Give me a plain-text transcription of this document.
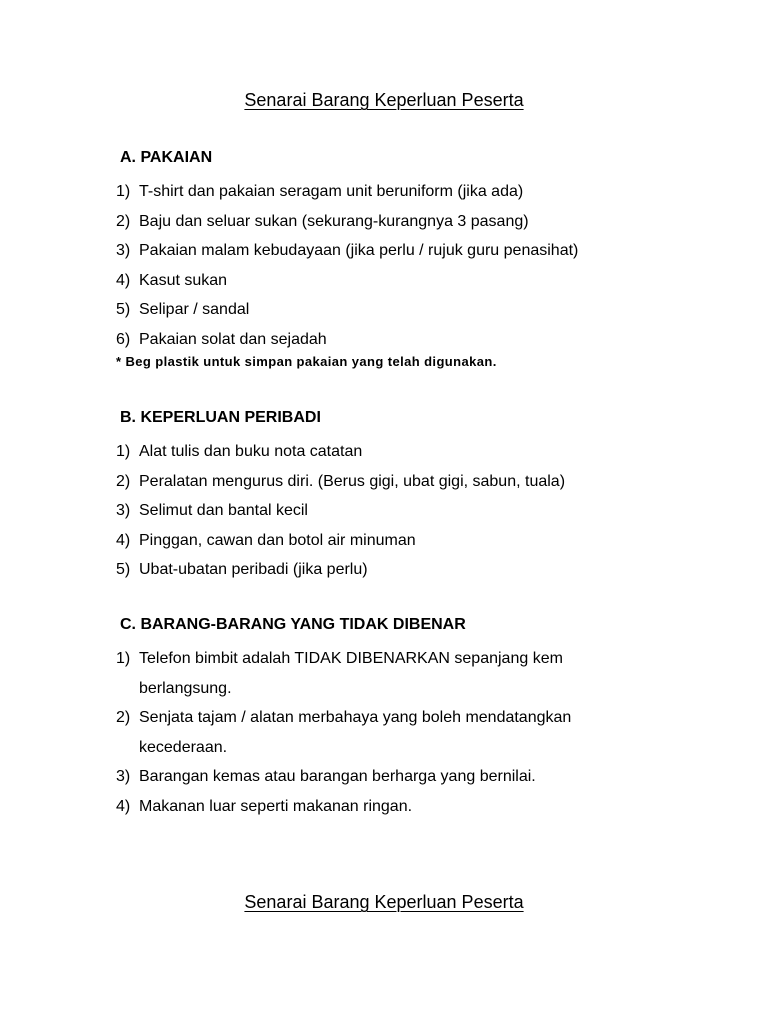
Senarai Barang Keperluan Peserta
A. PAKAIAN
1) T-shirt dan pakaian seragam unit beruniform (jika ada)
2) Baju dan seluar sukan (sekurang-kurangnya 3 pasang)
3) Pakaian malam kebudayaan (jika perlu / rujuk guru penasihat)
4) Kasut sukan
5) Selipar / sandal
6) Pakaian solat dan sejadah
* Beg plastik untuk simpan pakaian yang telah digunakan.
B. KEPERLUAN PERIBADI
1) Alat tulis dan buku nota catatan
2) Peralatan mengurus diri. (Berus gigi, ubat gigi, sabun, tuala)
3) Selimut dan bantal kecil
4) Pinggan, cawan dan botol air minuman
5) Ubat-ubatan peribadi (jika perlu)
C. BARANG-BARANG YANG TIDAK DIBENAR
1) Telefon bimbit adalah TIDAK DIBENARKAN sepanjang kem
berlangsung.
2) Senjata tajam / alatan merbahaya yang boleh mendatangkan
kecederaan.
3) Barangan kemas atau barangan berharga yang bernilai.
4) Makanan luar seperti makanan ringan.
Senarai Barang Keperluan Peserta
